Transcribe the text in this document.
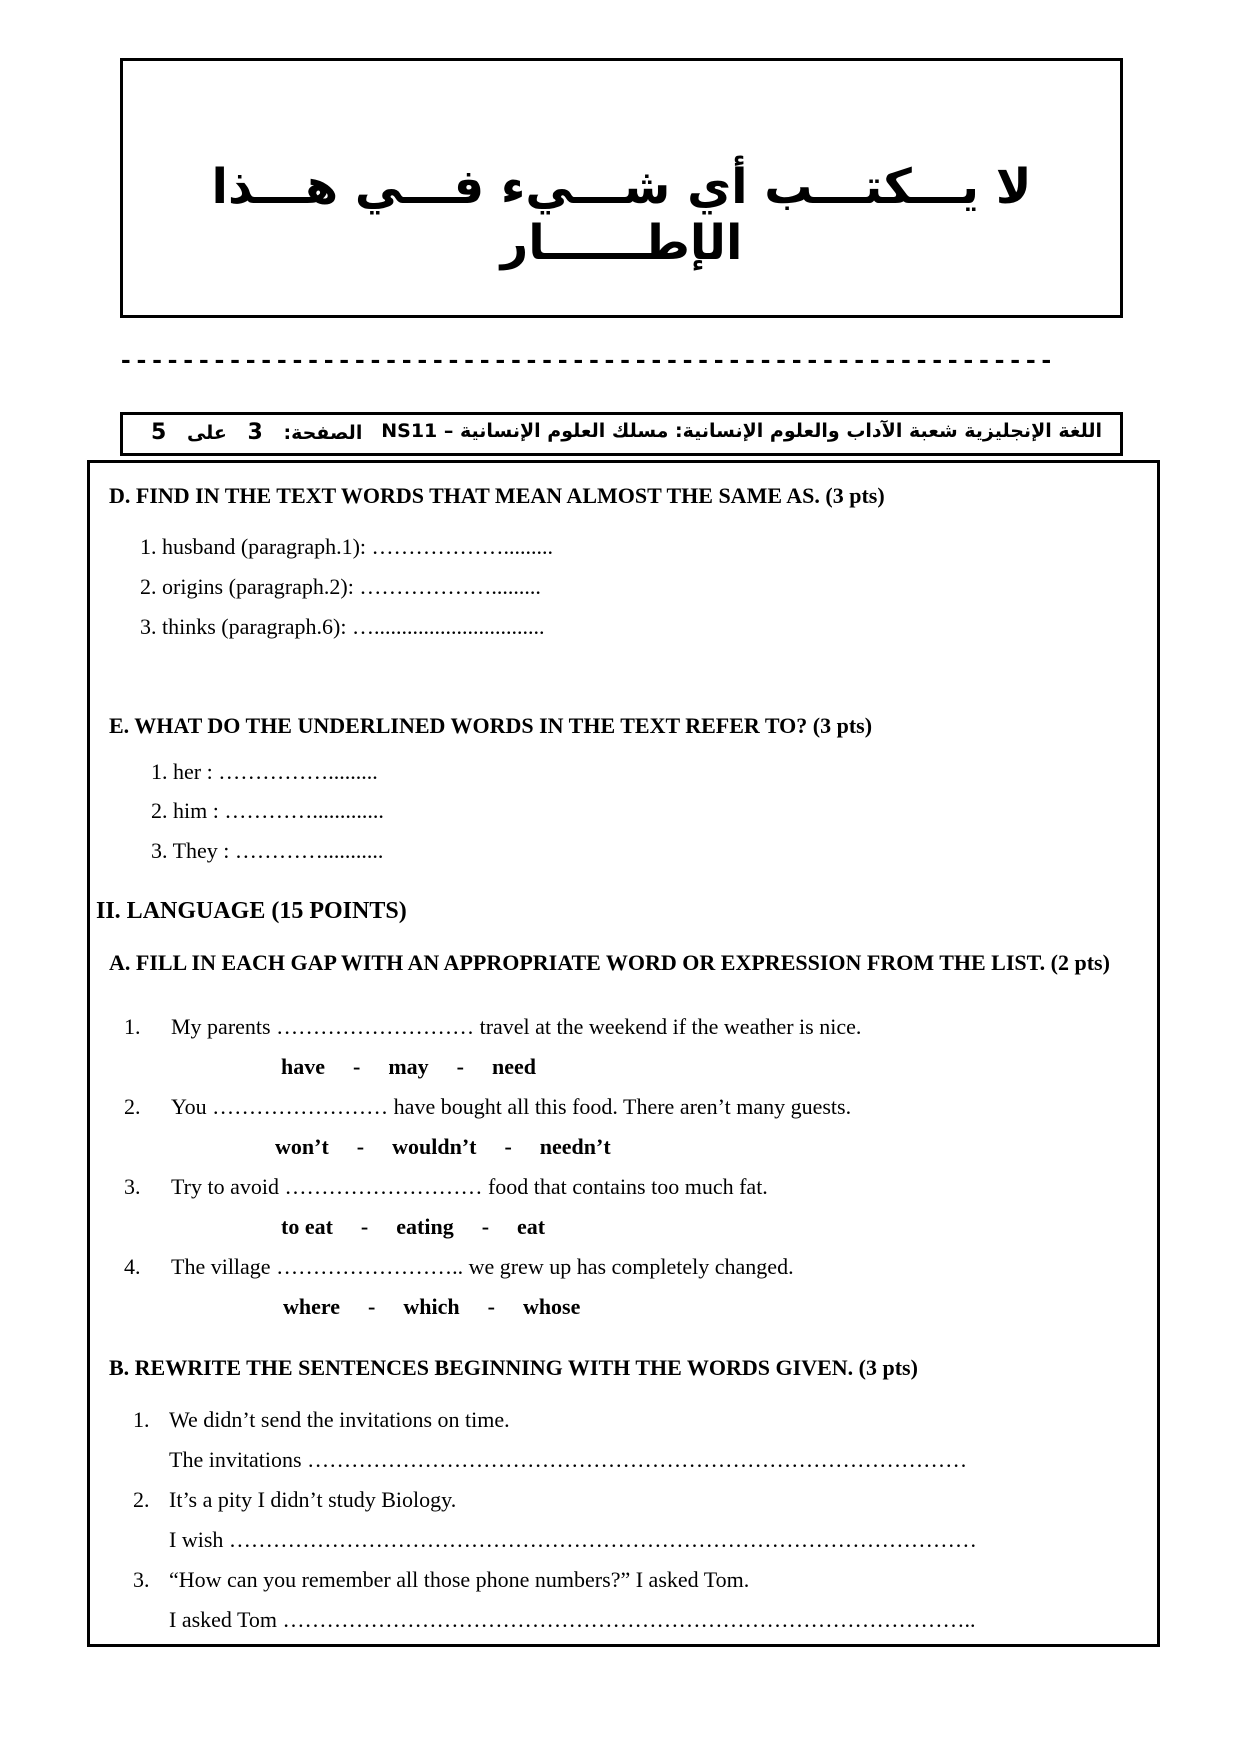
لا يـــكتـــب أي شـــيء فـــي هـــذا الإطــــــار
------------------------------------------------------------
اللغة الإنجليزية شعبة الآداب والعلوم الإنسانية: مسلك العلوم الإنسانية – NS11
الصفحة: 3 على 5
D. FIND IN THE TEXT WORDS THAT MEAN ALMOST THE SAME AS. (3 pts)
1. husband (paragraph.1): ……………….........
2. origins (paragraph.2): ……………….........
3. thinks (paragraph.6): …...............................
E. WHAT DO THE UNDERLINED WORDS IN THE TEXT REFER TO? (3 pts)
1. her : …………….........
2. him : ………….............
3. They : …………...........
II. LANGUAGE (15 POINTS)
A. FILL IN EACH GAP WITH AN APPROPRIATE WORD OR EXPRESSION FROM THE LIST. (2 pts)
1. My parents ……………………… travel at the weekend if the weather is nice.
have - may - need
2. You …………………… have bought all this food. There aren’t many guests.
won’t - wouldn’t - needn’t
3. Try to avoid ……………………… food that contains too much fat.
to eat - eating - eat
4. The village …………………….. we grew up has completely changed.
where - which - whose
B. REWRITE THE SENTENCES BEGINNING WITH THE WORDS GIVEN. (3 pts)
1. We didn’t send the invitations on time.
The invitations ………………………………………………………………………………
2. It’s a pity I didn’t study Biology.
I wish …………………………………………………………………………………………
3. “How can you remember all those phone numbers?” I asked Tom.
I asked Tom …………………………………………………………………………………..
